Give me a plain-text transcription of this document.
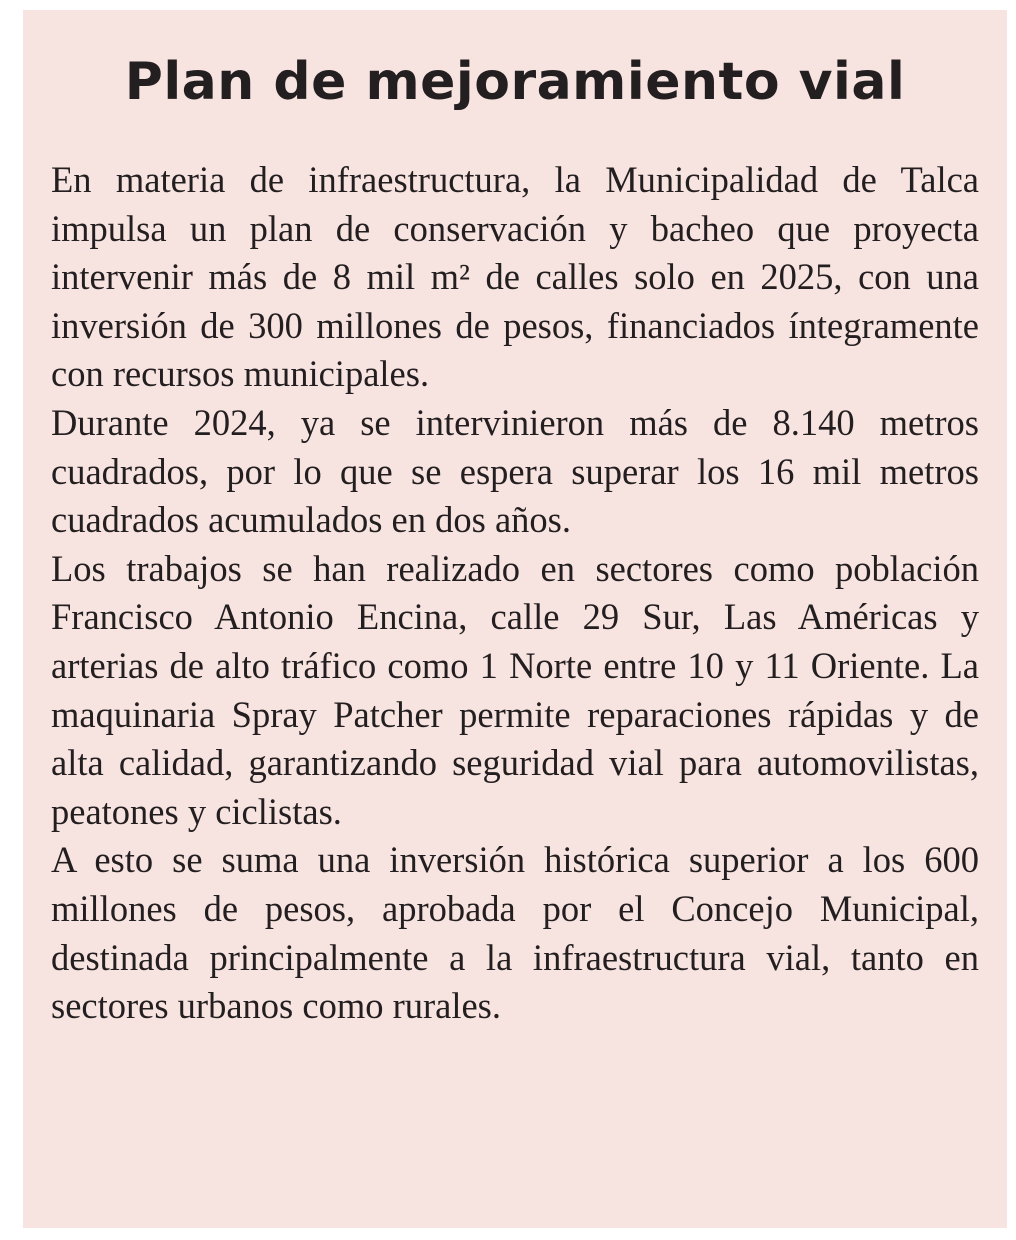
Plan de mejoramiento vial

En materia de infraestructura, la Municipalidad de Talca impulsa un plan de conservación y bacheo que proyecta intervenir más de 8 mil m² de calles solo en 2025, con una inversión de 300 millones de pesos, financiados íntegramente con recursos municipales.

Durante 2024, ya se intervinieron más de 8.140 metros cuadrados, por lo que se espera superar los 16 mil metros cuadrados acumulados en dos años.

Los trabajos se han realizado en sectores como población Francisco Antonio Encina, calle 29 Sur, Las Américas y arterias de alto tráfico como 1 Norte entre 10 y 11 Oriente. La maquinaria Spray Patcher permite reparaciones rápidas y de alta calidad, garantizando seguridad vial para automovilistas, peatones y ciclistas.

A esto se suma una inversión histórica superior a los 600 millones de pesos, aprobada por el Concejo Municipal, destinada principalmente a la infraestructura vial, tanto en sectores urbanos como rurales.
